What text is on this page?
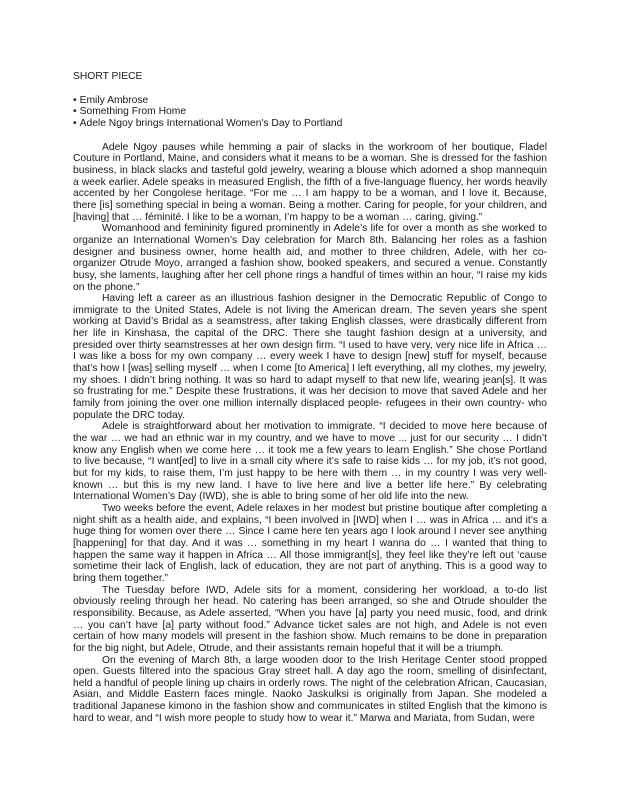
SHORT PIECE
• Emily Ambrose
• Something From Home
• Adele Ngoy brings International Women's Day to Portland

Adele Ngoy pauses while hemming a pair of slacks in the workroom of her boutique, Fladel Couture in Portland, Maine, and considers what it means to be a woman. She is dressed for the fashion business, in black slacks and tasteful gold jewelry, wearing a blouse which adorned a shop mannequin a week earlier. Adele speaks in measured English, the fifth of a five-language fluency, her words heavily accented by her Congolese heritage. “For me … I am happy to be a woman, and I love it. Because, there [is] something special in being a woman. Being a mother. Caring for people, for your children, and [having] that … féminité. I like to be a woman, I’m happy to be a woman … caring, giving.”

Womanhood and femininity figured prominently in Adele’s life for over a month as she worked to organize an International Women’s Day celebration for March 8th. Balancing her roles as a fashion designer and business owner, home health aid, and mother to three children, Adele, with her co-organizer Otrude Moyo, arranged a fashion show, booked speakers, and secured a venue. Constantly busy, she laments, laughing after her cell phone rings a handful of times within an hour, “I raise my kids on the phone.”

Having left a career as an illustrious fashion designer in the Democratic Republic of Congo to immigrate to the United States, Adele is not living the American dream. The seven years she spent working at David’s Bridal as a seamstress, after taking English classes, were drastically different from her life in Kinshasa, the capital of the DRC. There she taught fashion design at a university, and presided over thirty seamstresses at her own design firm. “I used to have very, very nice life in Africa … I was like a boss for my own company … every week I have to design [new] stuff for myself, because that’s how I [was] selling myself … when I come [to America] I left everything, all my clothes, my jewelry, my shoes. I didn’t bring nothing. It was so hard to adapt myself to that new life, wearing jean[s]. It was so frustrating for me.” Despite these frustrations, it was her decision to move that saved Adele and her family from joining the over one million internally displaced people- refugees in their own country- who populate the DRC today.

Adele is straightforward about her motivation to immigrate. “I decided to move here because of the war … we had an ethnic war in my country, and we have to move ... just for our security … I didn’t know any English when we come here … it took me a few years to learn English.” She chose Portland to live because, “I want[ed] to live in a small city where it’s safe to raise kids … for my job, it’s not good, but for my kids, to raise them, I’m just happy to be here with them … in my country I was very well-known … but this is my new land. I have to live here and live a better life here.” By celebrating International Women’s Day (IWD), she is able to bring some of her old life into the new.

Two weeks before the event, Adele relaxes in her modest but pristine boutique after completing a night shift as a health aide, and explains, “I been involved in [IWD] when I … was in Africa … and it’s a huge thing for women over there … Since I came here ten years ago I look around I never see anything [happening] for that day. And it was … something in my heart I wanna do … I wanted that thing to happen the same way it happen in Africa … All those immigrant[s], they feel like they’re left out ‘cause sometime their lack of English, lack of education, they are not part of anything. This is a good way to bring them together.”

The Tuesday before IWD, Adele sits for a moment, considering her workload, a to-do list obviously reeling through her head. No catering has been arranged, so she and Otrude shoulder the responsibility. Because, as Adele asserted, “When you have [a] party you need music, food, and drink … you can’t have [a] party without food.” Advance ticket sales are not high, and Adele is not even certain of how many models will present in the fashion show. Much remains to be done in preparation for the big night, but Adele, Otrude, and their assistants remain hopeful that it will be a triumph.

On the evening of March 8th, a large wooden door to the Irish Heritage Center stood propped open. Guests filtered into the spacious Gray street hall. A day ago the room, smelling of disinfectant, held a handful of people lining up chairs in orderly rows. The night of the celebration African, Caucasian, Asian, and Middle Eastern faces mingle. Naoko Jaskulksi is originally from Japan. She modeled a traditional Japanese kimono in the fashion show and communicates in stilted English that the kimono is hard to wear, and “I wish more people to study how to wear it.” Marwa and Mariata, from Sudan, were
